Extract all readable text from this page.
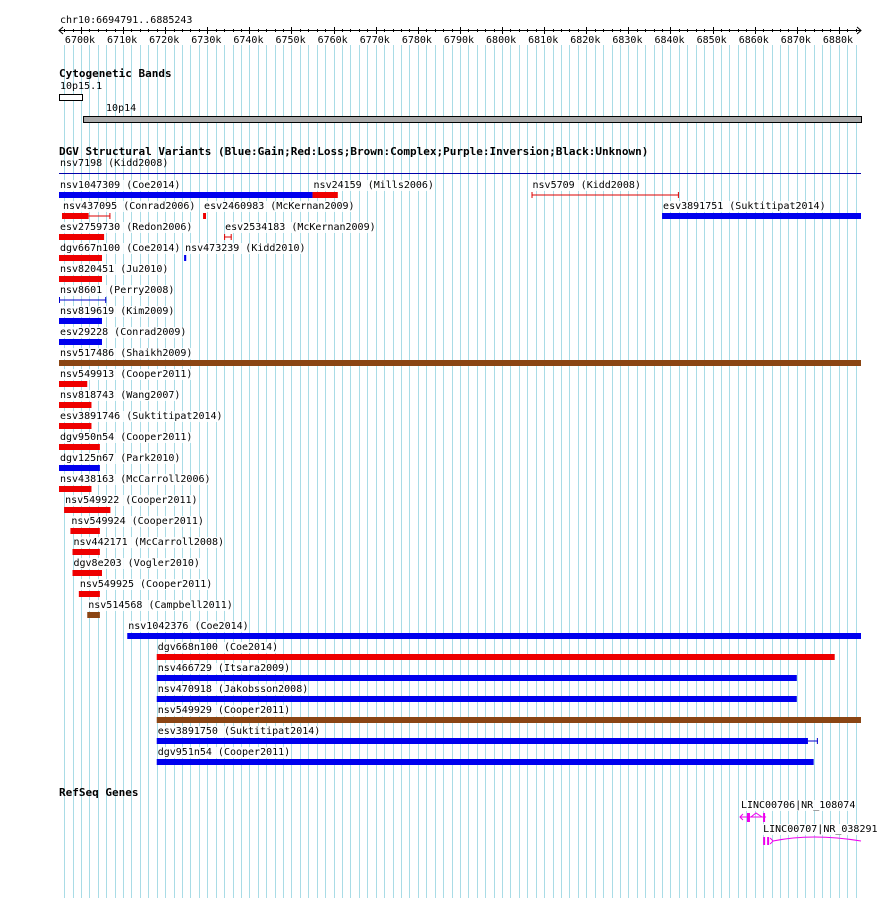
chr10:6694791..6885243
6700k 6710k 6720k 6730k 6740k 6750k 6760k 6770k 6780k 6790k 6800k 6810k 6820k 6830k 6840k 6850k 6860k 6870k 6880k
Cytogenetic Bands
DGV Structural Variants (Blue:Gain;Red:Loss;Brown:Complex;Purple:Inversion;Black:Unknown)
nsv7198 (Kidd2008)
RefSeq Genes
10p15.1
10p14
nsv1047309 (Coe2014)	nsv24159 (Mills2006)	nsv5709 (Kidd2008)
nsv437095 (Conrad2006) esv2460983 (McKernan2009)	esv3891751 (Suktitipat2014)
esv2759730 (Redon2006)	esv2534183 (McKernan2009)
dgv667n100 (Coe2014) nsv473239 (Kidd2010)
nsv820451 (Ju2010)
nsv8601 (Perry2008)
nsv819619 (Kim2009)
esv29228 (Conrad2009)
nsv517486 (Shaikh2009)
nsv549913 (Cooper2011)
nsv818743 (Wang2007)
esv3891746 (Suktitipat2014)
dgv950n54 (Cooper2011)
dgv125n67 (Park2010)
nsv438163 (McCarroll2006)
nsv549922 (Cooper2011)
nsv549924 (Cooper2011)
nsv442171 (McCarroll2008)
dgv8e203 (Vogler2010)
nsv549925 (Cooper2011)
nsv514568 (Campbell2011)
nsv1042376 (Coe2014)
dgv668n100 (Coe2014)
nsv466729 (Itsara2009)
nsv470918 (Jakobsson2008)
nsv549929 (Cooper2011)
esv3891750 (Suktitipat2014)
dgv951n54 (Cooper2011)
LINC00706|NR_108074
LINC00707|NR_038291
